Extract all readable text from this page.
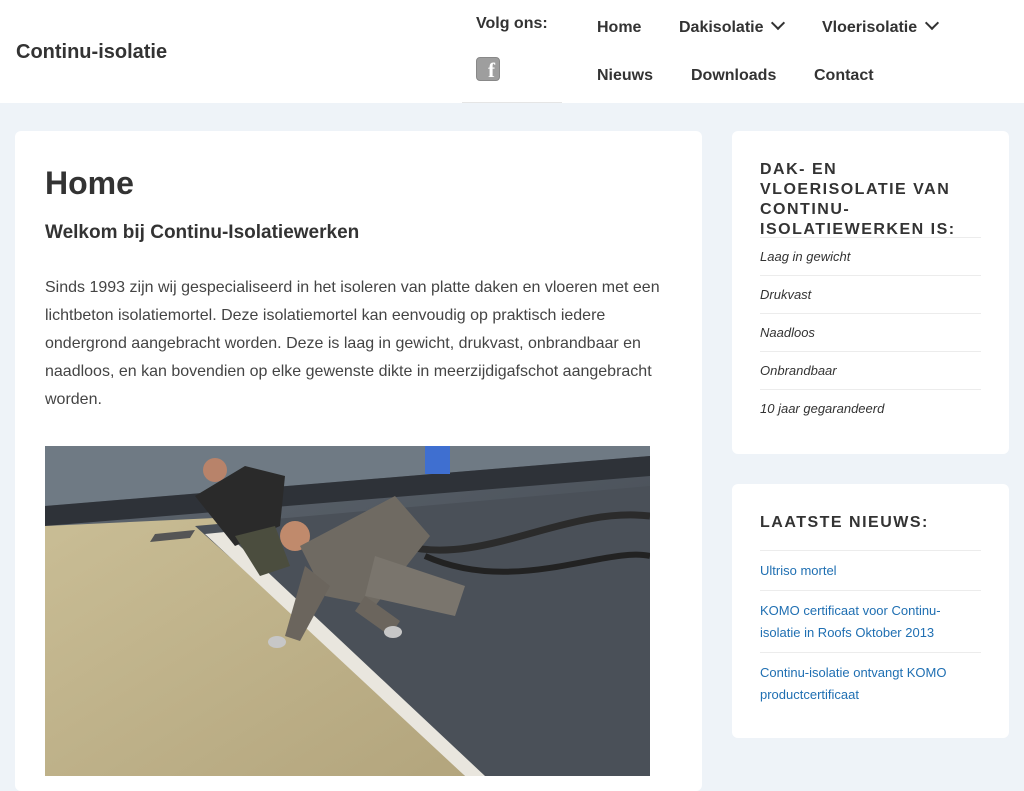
Continu-isolatie
Volg ons:
f
Home Dakisolatie	Vloerisolatie
Nieuws Downloads Contact
Home
Welkom bij Continu-Isolatiewerken

Sinds 1993 zijn wij gespecialiseerd in het isoleren van platte daken en vloeren met een lichtbeton isolatiemortel. Deze isolatiemortel kan eenvoudig op praktisch iedere ondergrond aangebracht worden. Deze is laag in gewicht, drukvast, onbrandbaar en naadloos, en kan bovendien op elke gewenste dikte in meerzijdigafschot aangebracht worden.

DAK- EN VLOERISOLATIE VAN CONTINU-ISOLATIEWERKEN IS:
Laag in gewicht
Drukvast
Naadloos
Onbrandbaar
10 jaar gegarandeerd
LAATSTE NIEUWS:
Ultriso mortel
KOMO certificaat voor Continu-isolatie in Roofs Oktober 2013
Continu-isolatie ontvangt KOMO productcertificaat
